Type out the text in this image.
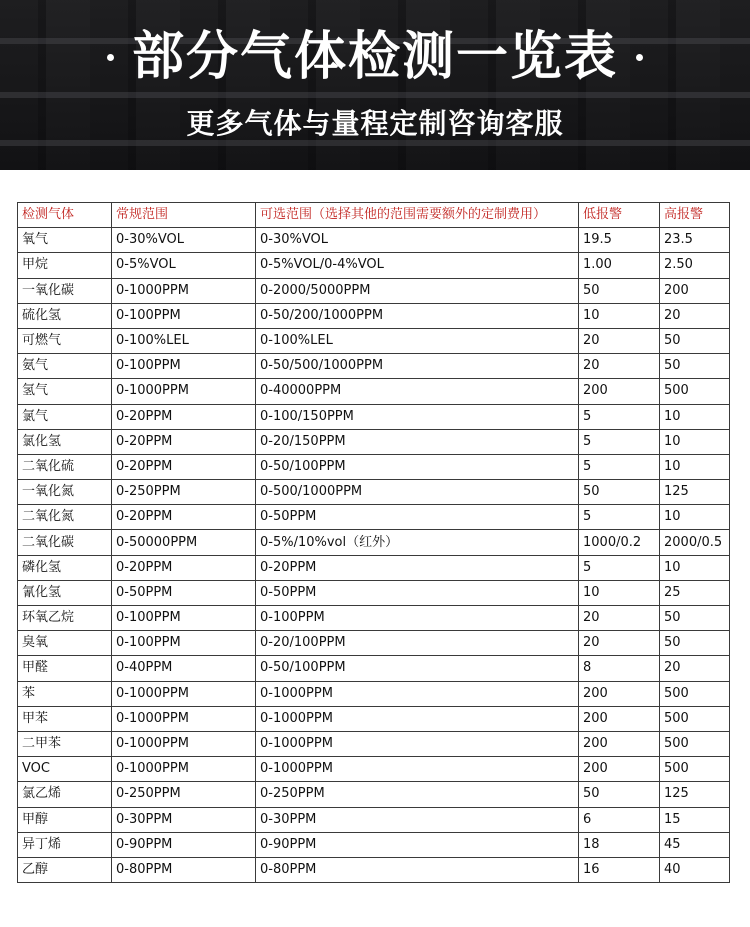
部分气体检测一览表
更多气体与量程定制咨询客服
检测气体	常规范围	可选范围（选择其他的范围需要额外的定制费用）	低报警	高报警
氧气	0-30%VOL	0-30%VOL	19.5	23.5
甲烷	0-5%VOL	0-5%VOL/0-4%VOL	1.00	2.50
一氧化碳	0-1000PPM	0-2000/5000PPM	50	200
硫化氢	0-100PPM	0-50/200/1000PPM	10	20
可燃气	0-100%LEL	0-100%LEL	20	50
氨气	0-100PPM	0-50/500/1000PPM	20	50
氢气	0-1000PPM	0-40000PPM	200	500
氯气	0-20PPM	0-100/150PPM	5	10
氯化氢	0-20PPM	0-20/150PPM	5	10
二氧化硫	0-20PPM	0-50/100PPM	5	10
一氧化氮	0-250PPM	0-500/1000PPM	50	125
二氧化氮	0-20PPM	0-50PPM	5	10
二氧化碳	0-50000PPM	0-5%/10%vol（红外）	1000/0.2	2000/0.5
磷化氢	0-20PPM	0-20PPM	5	10
氰化氢	0-50PPM	0-50PPM	10	25
环氧乙烷	0-100PPM	0-100PPM	20	50
臭氧	0-100PPM	0-20/100PPM	20	50
甲醛	0-40PPM	0-50/100PPM	8	20
苯	0-1000PPM	0-1000PPM	200	500
甲苯	0-1000PPM	0-1000PPM	200	500
二甲苯	0-1000PPM	0-1000PPM	200	500
VOC	0-1000PPM	0-1000PPM	200	500
氯乙烯	0-250PPM	0-250PPM	50	125
甲醇	0-30PPM	0-30PPM	6	15
异丁烯	0-90PPM	0-90PPM	18	45
乙醇	0-80PPM	0-80PPM	16	40
